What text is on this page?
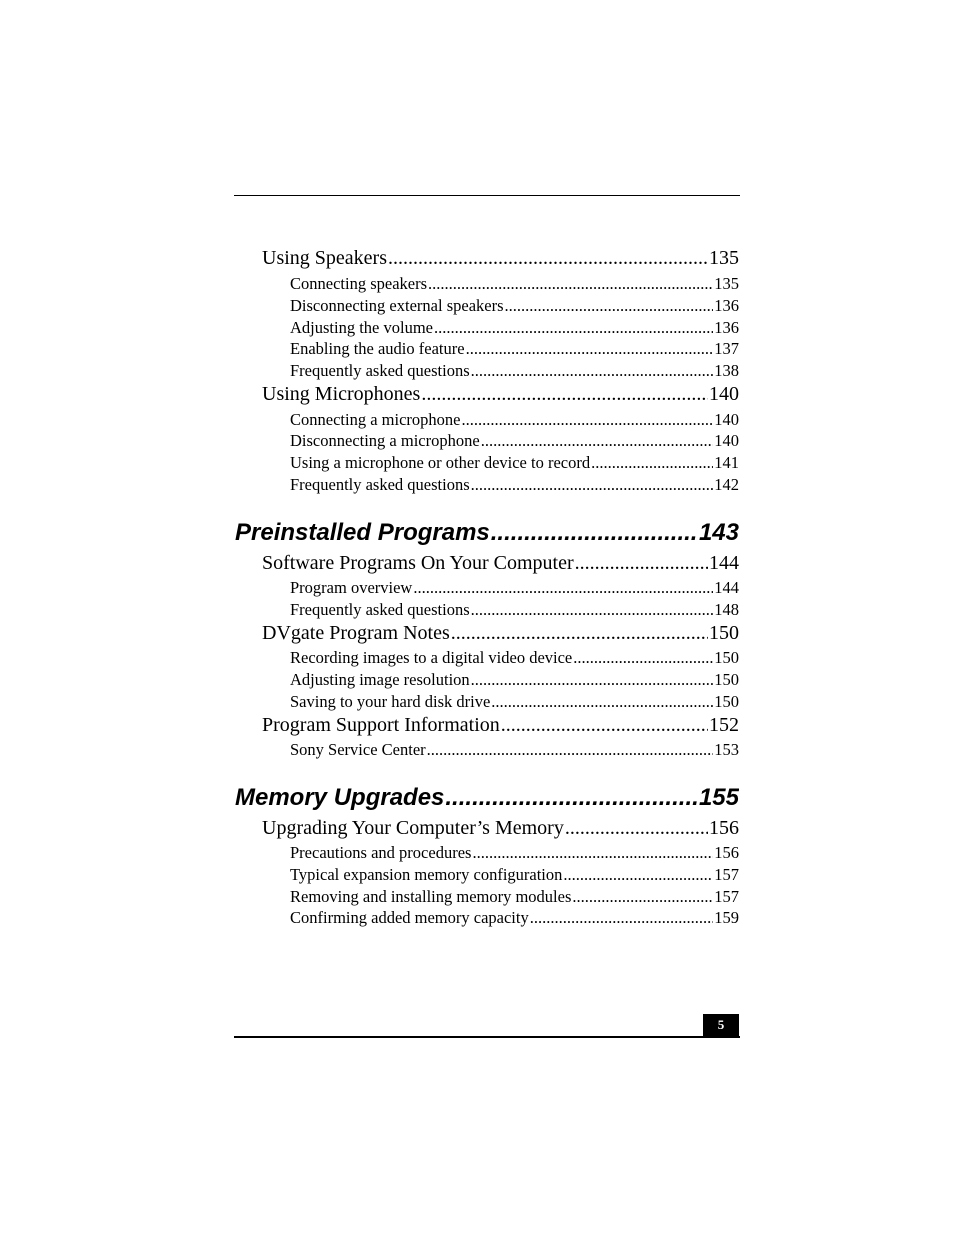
Using Speakers .....	135
Connecting speakers .....	135
Disconnecting external speakers .....	136
Adjusting the volume .....	136
Enabling the audio feature .....	137
Frequently asked questions .....	138
Using Microphones .....	140
Connecting a microphone .....	140
Disconnecting a microphone .....	140
Using a microphone or other device to record .....	141
Frequently asked questions .....	142
Preinstalled Programs .....	143
Software Programs On Your Computer .....	144
Program overview .....	144
Frequently asked questions .....	148
DVgate Program Notes .....	150
Recording images to a digital video device .....	150
Adjusting image resolution .....	150
Saving to your hard disk drive .....	150
Program Support Information .....	152
Sony Service Center .....	153
Memory Upgrades .....	155
Upgrading Your Computer’s Memory .....	156
Precautions and procedures .....	156
Typical expansion memory configuration .....	157
Removing and installing memory modules .....	157
Confirming added memory capacity .....	159
5
